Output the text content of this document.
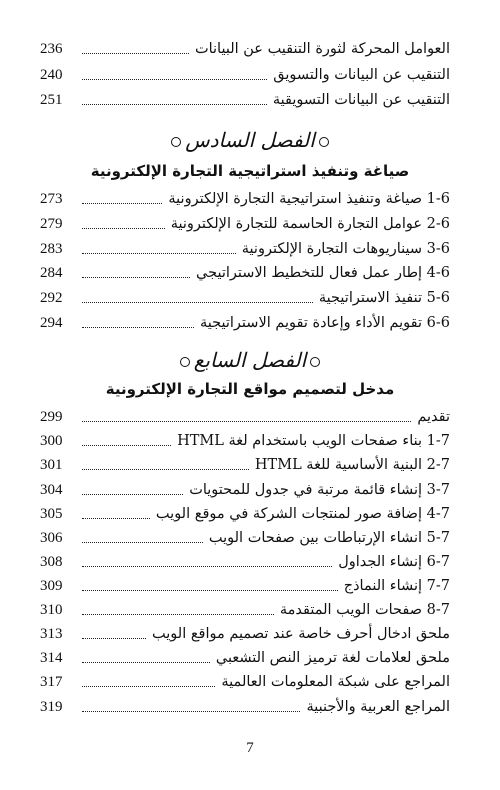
العوامل المحركة لثورة التنقيب عن البيانات
236
التنقيب عن البيانات والتسويق
240
التنقيب عن البيانات التسويقية
251
الفصل السادس
صياغة وتنفيذ استراتيجية التجارة الإلكترونية
1-6 صياغة وتنفيذ استراتيجية التجارة الإلكترونية
273
2-6 عوامل التجارة الحاسمة للتجارة الإلكترونية
279
3-6 سيناريوهات التجارة الإلكترونية
283
4-6 إطار عمل فعال للتخطيط الاستراتيجي
284
5-6 تنفيذ الاستراتيجية
292
6-6 تقويم الأداء وإعادة تقويم الاستراتيجية
294
الفصل السابع
مدخل لتصميم مواقع التجارة الإلكترونية
تقديم
299
1-7 بناء صفحات الويب باستخدام لغة HTML
300
2-7 البنية الأساسية للغة HTML
301
3-7 إنشاء قائمة مرتبة في جدول للمحتويات
304
4-7 إضافة صور لمنتجات الشركة في موقع الويب
305
5-7 انشاء الإرتباطات بين صفحات الويب
306
6-7 إنشاء الجداول
308
7-7 إنشاء النماذج
309
8-7 صفحات الويب المتقدمة
310
ملحق ادخال أحرف خاصة عند تصميم مواقع الويب
313
ملحق لعلامات لغة ترميز النص التشعبي
314
المراجع على شبكة المعلومات العالمية
317
المراجع العربية والأجنبية
319
7
